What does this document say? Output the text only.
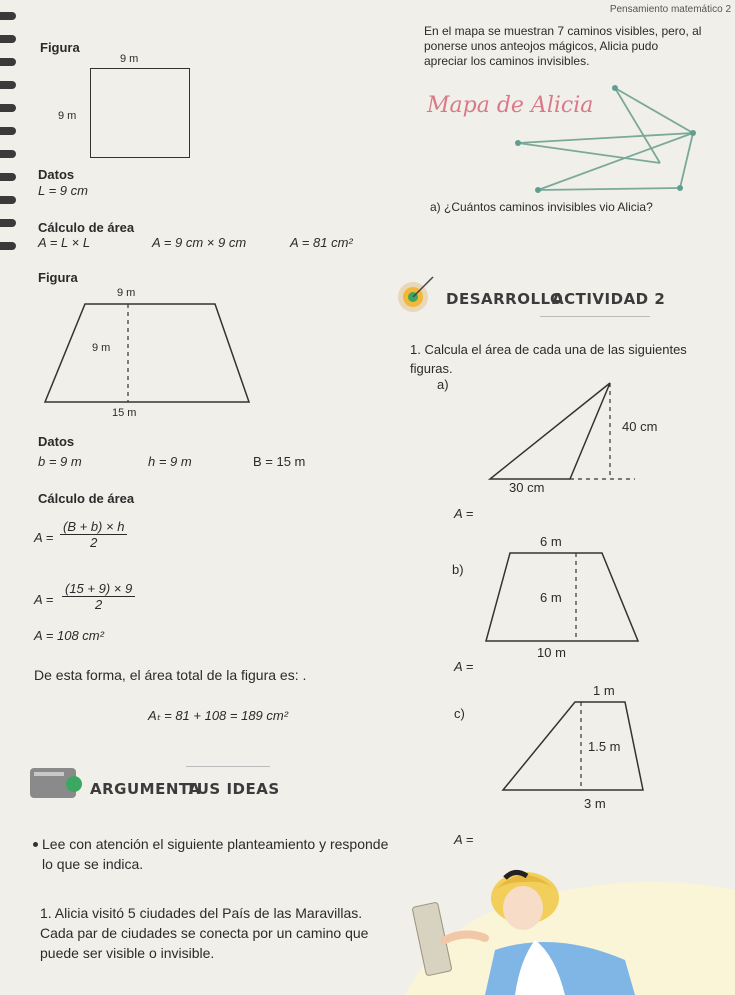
Pensamiento matemático 2
Figura
9 m
9 m
Datos
L = 9 cm
Cálculo de área
A = L × L	A = 9 cm × 9 cm	A = 81 cm²
Figura
9 m
9 m
15 m
Datos
b = 9 m	h = 9 m	B = 15 m
Cálculo de área
$A = \frac{(B + b) \times h}{2}$
$A = \frac{(15 + 9) \times 9}{2}$
A = 108 cm²
De esta forma, el área total de la figura es: .
Aₜ = 81 + 108 = 189 cm²
ARGUMENTA
TUS IDEAS
Lee con atención el siguiente planteamiento y responde lo que se indica.
1. Alicia visitó 5 ciudades del País de las Maravillas. Cada par de ciudades se conecta por un camino que puede ser visible o invisible.
En el mapa se muestran 7 caminos visibles, pero, al ponerse unos anteojos mágicos, Alicia pudo apreciar los caminos invisibles.
Mapa de Alicia
a) ¿Cuántos caminos invisibles vio Alicia?
DESARROLLO
ACTIVIDAD 2
1. Calcula el área de cada una de las siguientes figuras.
a)
40 cm
30 cm
A =
6 m
b)
6 m
10 m
A =
1 m
c)
1.5 m
3 m
A =
